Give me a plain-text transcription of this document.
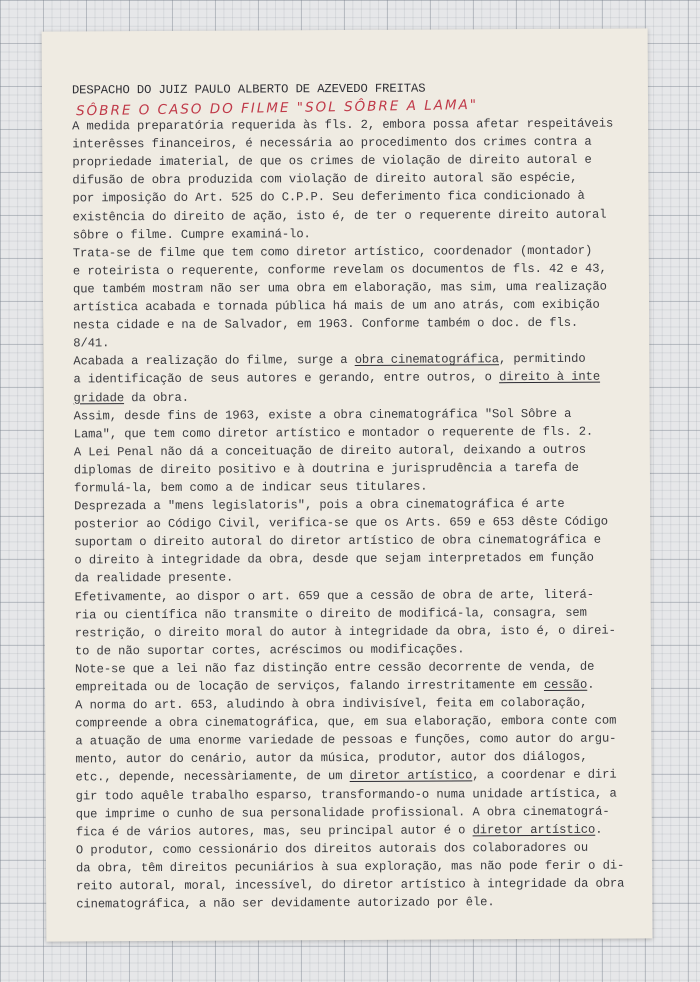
DESPACHO DO JUIZ PAULO ALBERTO DE AZEVEDO FREITAS
SÔBRE O CASO DO FILME "SOL SÔBRE A LAMA"
A medida preparatória requerida às fls. 2, embora possa afetar respeitáveis
interêsses financeiros, é necessária ao procedimento dos crimes contra a
propriedade imaterial, de que os crimes de violação de direito autoral e
difusão de obra produzida com violação de direito autoral são espécie,
por imposição do Art. 525 do C.P.P. Seu deferimento fica condicionado à
existência do direito de ação, isto é, de ter o requerente direito autoral
sôbre o filme. Cumpre examiná-lo.
Trata-se de filme que tem como diretor artístico, coordenador (montador)
e roteirista o requerente, conforme revelam os documentos de fls. 42 e 43,
que também mostram não ser uma obra em elaboração, mas sim, uma realização
artística acabada e tornada pública há mais de um ano atrás, com exibição
nesta cidade e na de Salvador, em 1963. Conforme também o doc. de fls.
8/41.
Acabada a realização do filme, surge a obra cinematográfica, permitindo
a identificação de seus autores e gerando, entre outros, o direito à inte
gridade da obra.
Assim, desde fins de 1963, existe a obra cinematográfica "Sol Sôbre a
Lama", que tem como diretor artístico e montador o requerente de fls. 2.
A Lei Penal não dá a conceituação de direito autoral, deixando a outros
diplomas de direito positivo e à doutrina e jurisprudência a tarefa de
formulá-la, bem como a de indicar seus titulares.
Desprezada a "mens legislatoris", pois a obra cinematográfica é arte
posterior ao Código Civil, verifica-se que os Arts. 659 e 653 dêste Código
suportam o direito autoral do diretor artístico de obra cinematográfica e
o direito à integridade da obra, desde que sejam interpretados em função
da realidade presente.
Efetivamente, ao dispor o art. 659 que a cessão de obra de arte, literá-
ria ou científica não transmite o direito de modificá-la, consagra, sem
restrição, o direito moral do autor à integridade da obra, isto é, o direi-
to de não suportar cortes, acréscimos ou modificações.
Note-se que a lei não faz distinção entre cessão decorrente de venda, de
empreitada ou de locação de serviços, falando irrestritamente em cessão.
A norma do art. 653, aludindo à obra indivisível, feita em colaboração,
compreende a obra cinematográfica, que, em sua elaboração, embora conte com
a atuação de uma enorme variedade de pessoas e funções, como autor do argu-
mento, autor do cenário, autor da música, produtor, autor dos diálogos,
etc., depende, necessàriamente, de um diretor artístico, a coordenar e diri
gir todo aquêle trabalho esparso, transformando-o numa unidade artística, a
que imprime o cunho de sua personalidade profissional. A obra cinematográ-
fica é de vários autores, mas, seu principal autor é o diretor artístico.
O produtor, como cessionário dos direitos autorais dos colaboradores ou
da obra, têm direitos pecuniários à sua exploração, mas não pode ferir o di-
reito autoral, moral, incessível, do diretor artístico à integridade da obra
cinematográfica, a não ser devidamente autorizado por êle.
